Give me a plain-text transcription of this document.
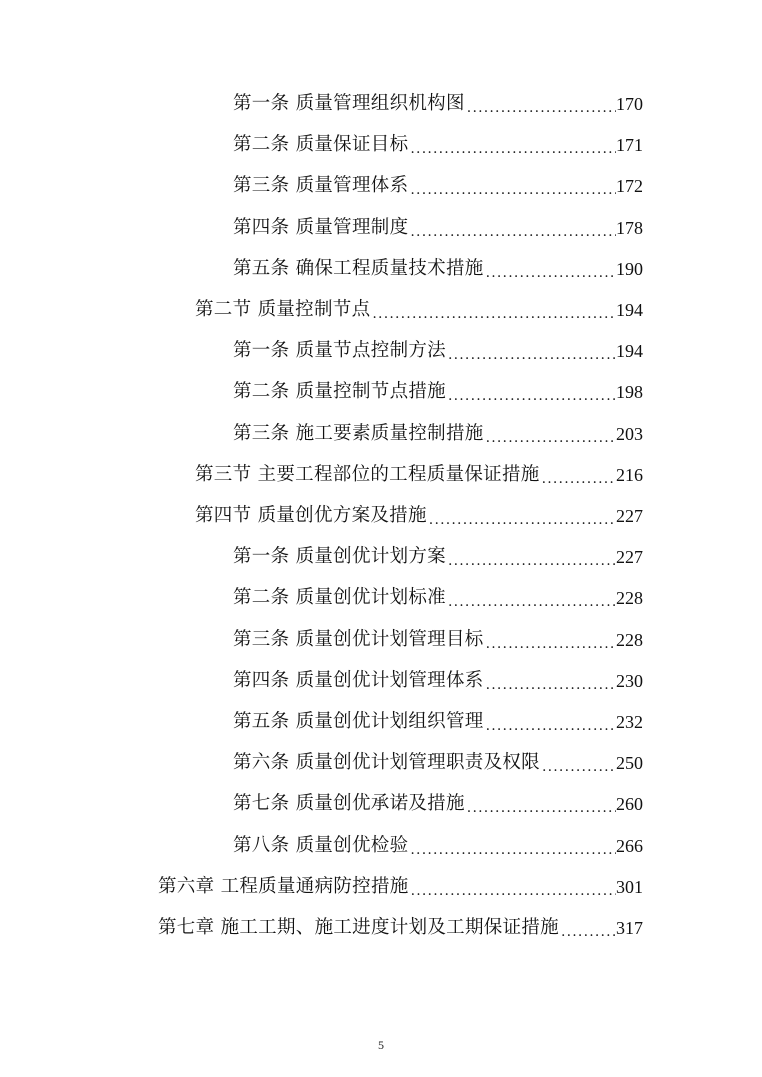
第一条 质量管理组织机构图 .....	170
第二条 质量保证目标 .....	171
第三条 质量管理体系 .....	172
第四条 质量管理制度 .....	178
第五条 确保工程质量技术措施 .....	190
第二节 质量控制节点 .....	194
第一条 质量节点控制方法 .....	194
第二条 质量控制节点措施 .....	198
第三条 施工要素质量控制措施 .....	203
第三节 主要工程部位的工程质量保证措施 .....	216
第四节 质量创优方案及措施 .....	227
第一条 质量创优计划方案 .....	227
第二条 质量创优计划标准 .....	228
第三条 质量创优计划管理目标 .....	228
第四条 质量创优计划管理体系 .....	230
第五条 质量创优计划组织管理 .....	232
第六条 质量创优计划管理职责及权限 .....	250
第七条 质量创优承诺及措施 .....	260
第八条 质量创优检验 .....	266
第六章 工程质量通病防控措施 .....	301
第七章 施工工期、施工进度计划及工期保证措施 .....	317
5
